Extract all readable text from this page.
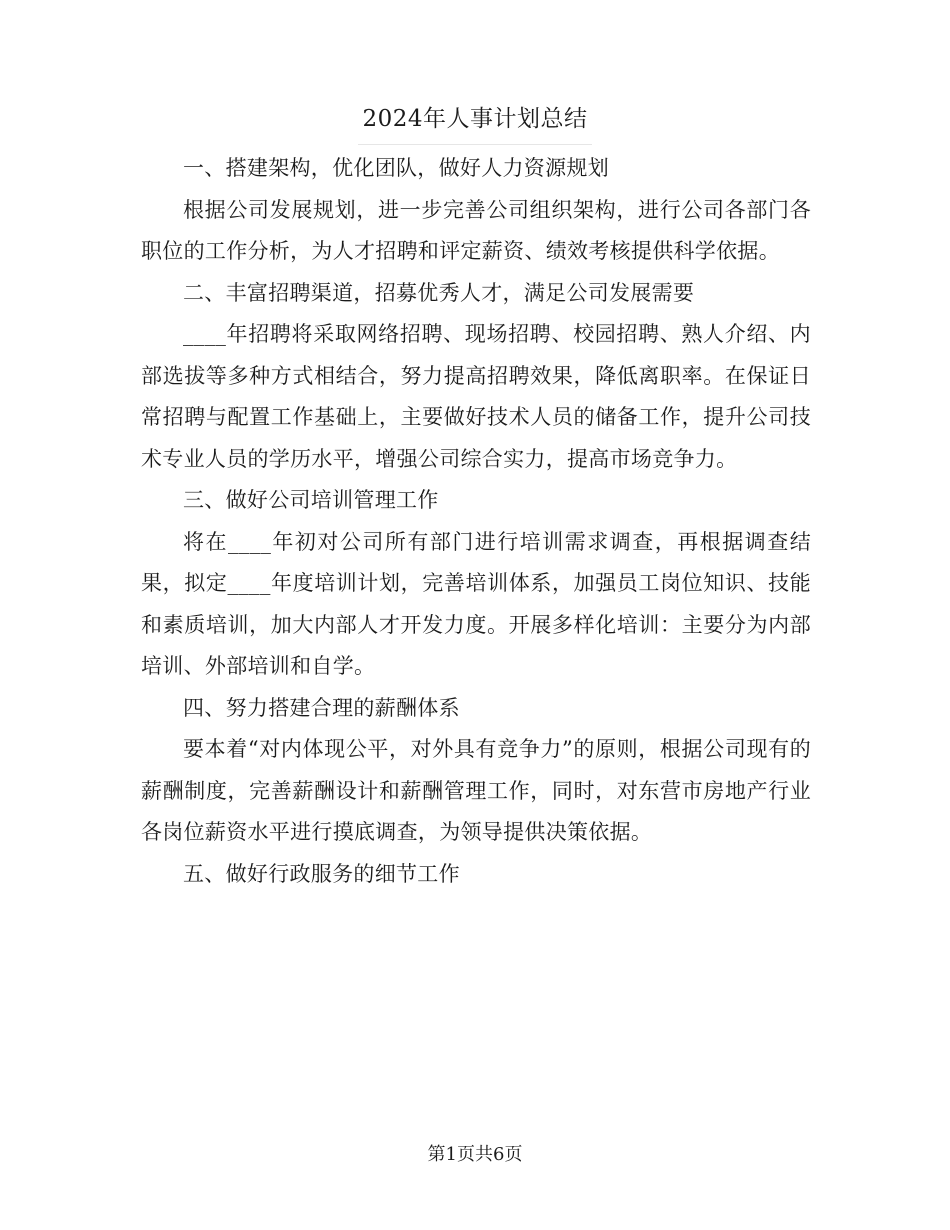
2024年人事计划总结

一、搭建架构，优化团队，做好人力资源规划

根据公司发展规划，进一步完善公司组织架构，进行公司各部门各职位的工作分析，为人才招聘和评定薪资、绩效考核提供科学依据。

二、丰富招聘渠道，招募优秀人才，满足公司发展需要

____年招聘将采取网络招聘、现场招聘、校园招聘、熟人介绍、内部选拔等多种方式相结合，努力提高招聘效果，降低离职率。在保证日常招聘与配置工作基础上，主要做好技术人员的储备工作，提升公司技术专业人员的学历水平，增强公司综合实力，提高市场竞争力。

三、做好公司培训管理工作

将在____年初对公司所有部门进行培训需求调查，再根据调查结果，拟定____年度培训计划，完善培训体系，加强员工岗位知识、技能和素质培训，加大内部人才开发力度。开展多样化培训：主要分为内部培训、外部培训和自学。

四、努力搭建合理的薪酬体系

要本着“对内体现公平，对外具有竞争力”的原则，根据公司现有的薪酬制度，完善薪酬设计和薪酬管理工作，同时，对东营市房地产行业各岗位薪资水平进行摸底调查，为领导提供决策依据。

五、做好行政服务的细节工作

第1页共6页
